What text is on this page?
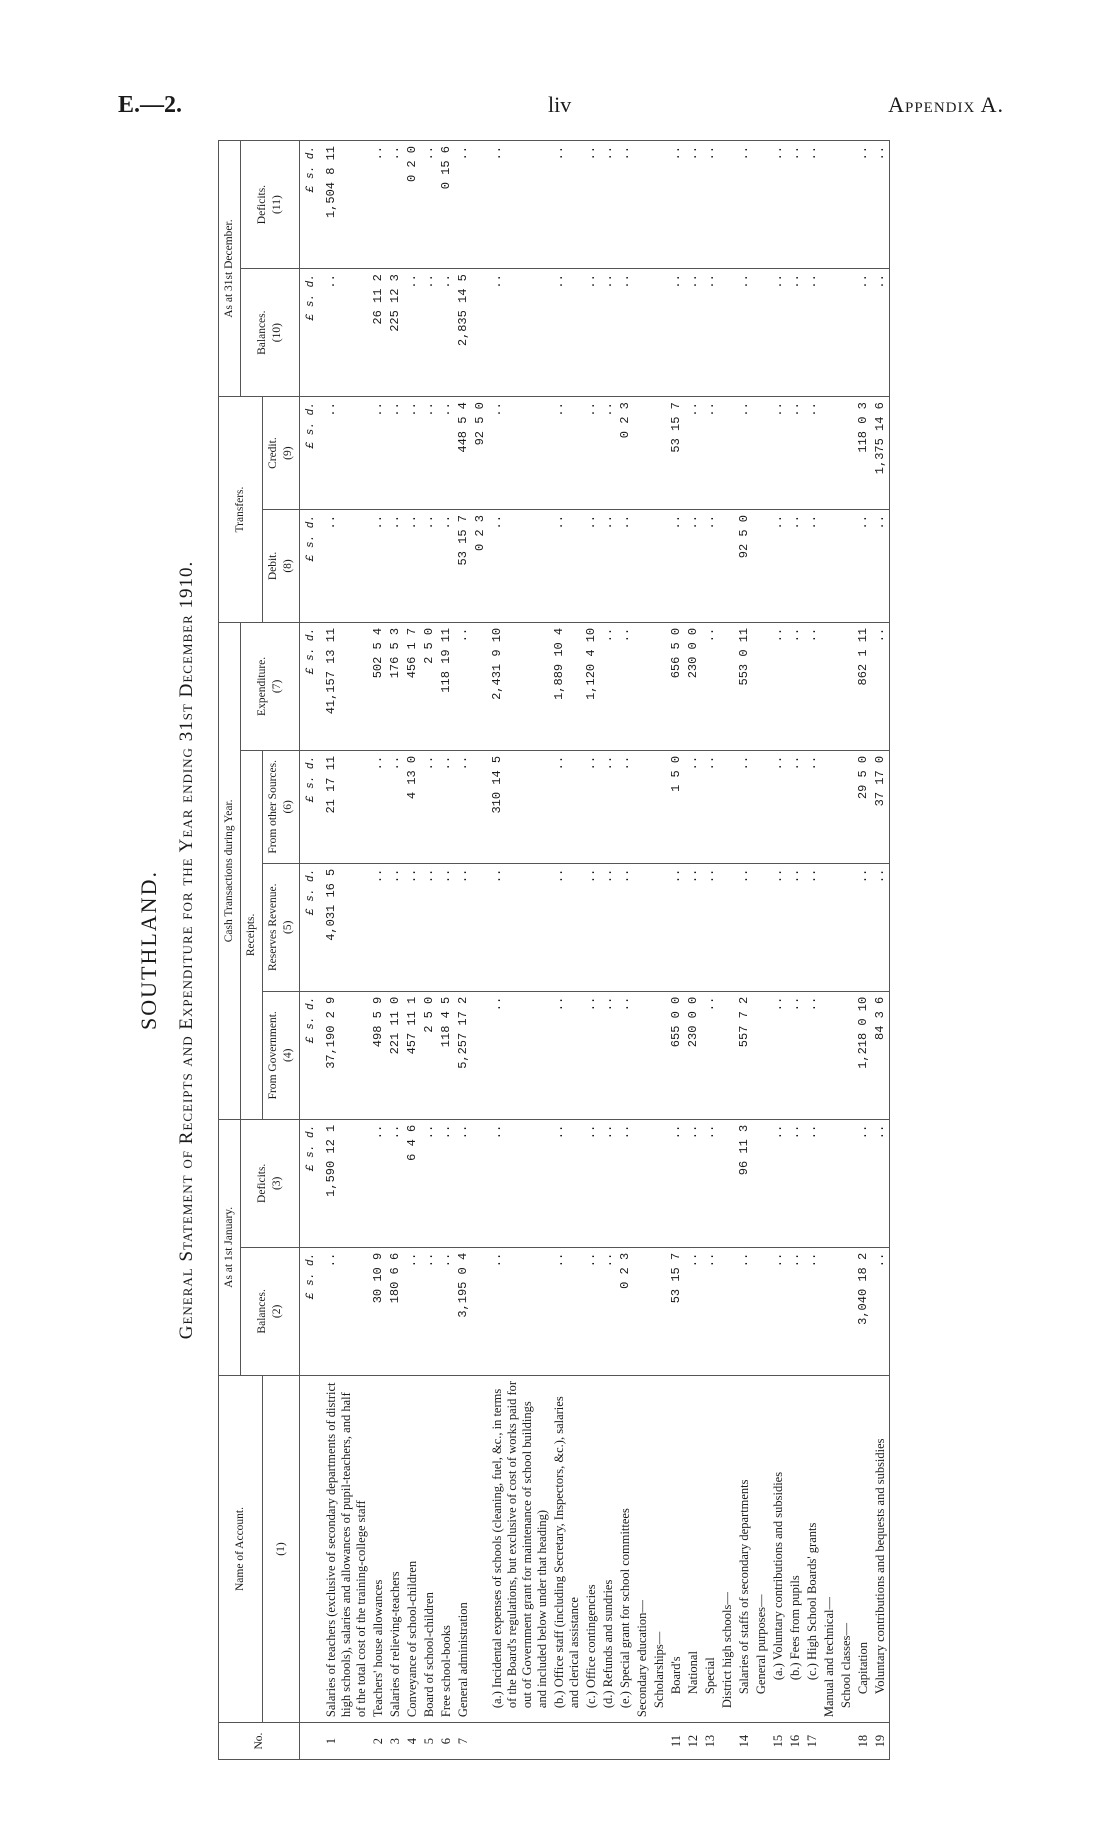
E.—2.	liv	Appendix A.
SOUTHLAND. General Statement of Receipts and Expenditure for the Year ending 31st December 1910.
No.	Name of Account.	As at 1st January.		Cash Transactions during Year.				Transfers.		As at 31st December.	
		Balances. (2)	Deficits. (3)	Receipts.			Expenditure. (7)			Balances. (10)	Deficits. (11)
	(1)			From Government. (4)	Reserves Revenue. (5)	From other Sources. (6)		Debit. (8)	Credit. (9)		
		£ s. d.	£ s. d.	£ s. d.	£ s. d.	£ s. d.	£ s. d.	£ s. d.	£ s. d.	£ s. d.	£ s. d.
1	Salaries of teachers (exclusive of secondary departments of district high schools), salaries and allowances of pupil-teachers, and half of the total cost of the training-college staff	..	1,590 12 1	37,190 2 9	4,031 16 5	21 17 11	41,157 13 11	..	..	..	1,504 8 11
2	Teachers' house allowances	30 10 9	..	498 5 9	..	..	502 5 4	..	..	26 11 2	..
3	Salaries of relieving-teachers	180 6 6	..	221 11 0	..	..	176 5 3	..	..	225 12 3	..
4	Conveyance of school-children	..	6 4 6	457 11 1	..	4 13 0	456 1 7	..	..	..	0 2 0
5	Board of school-children	..	..	2 5 0	..	..	2 5 0	..	..	..	..
6	Free school-books	..	..	118 4 5	..	..	118 19 11	..	..	..	0 15 6
7	General administration	3,195 0 4	..	5,257 17 2	..	..	..	53 15 7	448 5 4	2,835 14 5	..
								0 2 3	92 5 0		
	(a.) Incidental expenses of schools (cleaning, fuel, &c., in terms of the Board's regulations, but exclusive of cost of works paid for out of Government grant for maintenance of school buildings and included below under that heading)	..	..	..	..	310 14 5	2,431 9 10	..	..	..	..
	(b.) Office staff (including Secretary, Inspectors, &c.), salaries and clerical assistance	..	..	..	..	..	1,889 10 4	..	..	..	..
	(c.) Office contingencies	..	..	..	..	..	1,120 4 10	..	..	..	..
	(d.) Refunds and sundries	..	..	..	..	..	..	..	..	..	..
	(e.) Special grant for school committees	0 2 3	..	..	..	..	..	..	0 2 3	..	..
	Secondary education—										
	Scholarships—										
11	Board's	53 15 7	..	655 0 0	..	1 5 0	656 5 0	..	53 15 7	..	..
12	National	..	..	230 0 0	..	..	230 0 0	..	..	..	..
13	Special	..	..	..	..	..	..	..	..	..	..
	District high schools—										
14	Salaries of staffs of secondary departments	..	96 11 3	557 7 2	..	..	553 0 11	92 5 0	..	..	..
	General purposes—										
15	(a.) Voluntary contributions and subsidies	..	..	..	..	..	..	..	..	..	..
16	(b.) Fees from pupils	..	..	..	..	..	..	..	..	..	..
17	(c.) High School Boards' grants	..	..	..	..	..	..	..	..	..	..
	Manual and technical—										
	School classes—										
18	Capitation	3,040 18 2	..	1,218 0 10	..	29 5 0	862 1 11	..	118 0 3	..	..
19	Voluntary contributions and bequests and subsidies	..	..	84 3 6	..	37 17 0	..	..	1,375 14 6	..	..
